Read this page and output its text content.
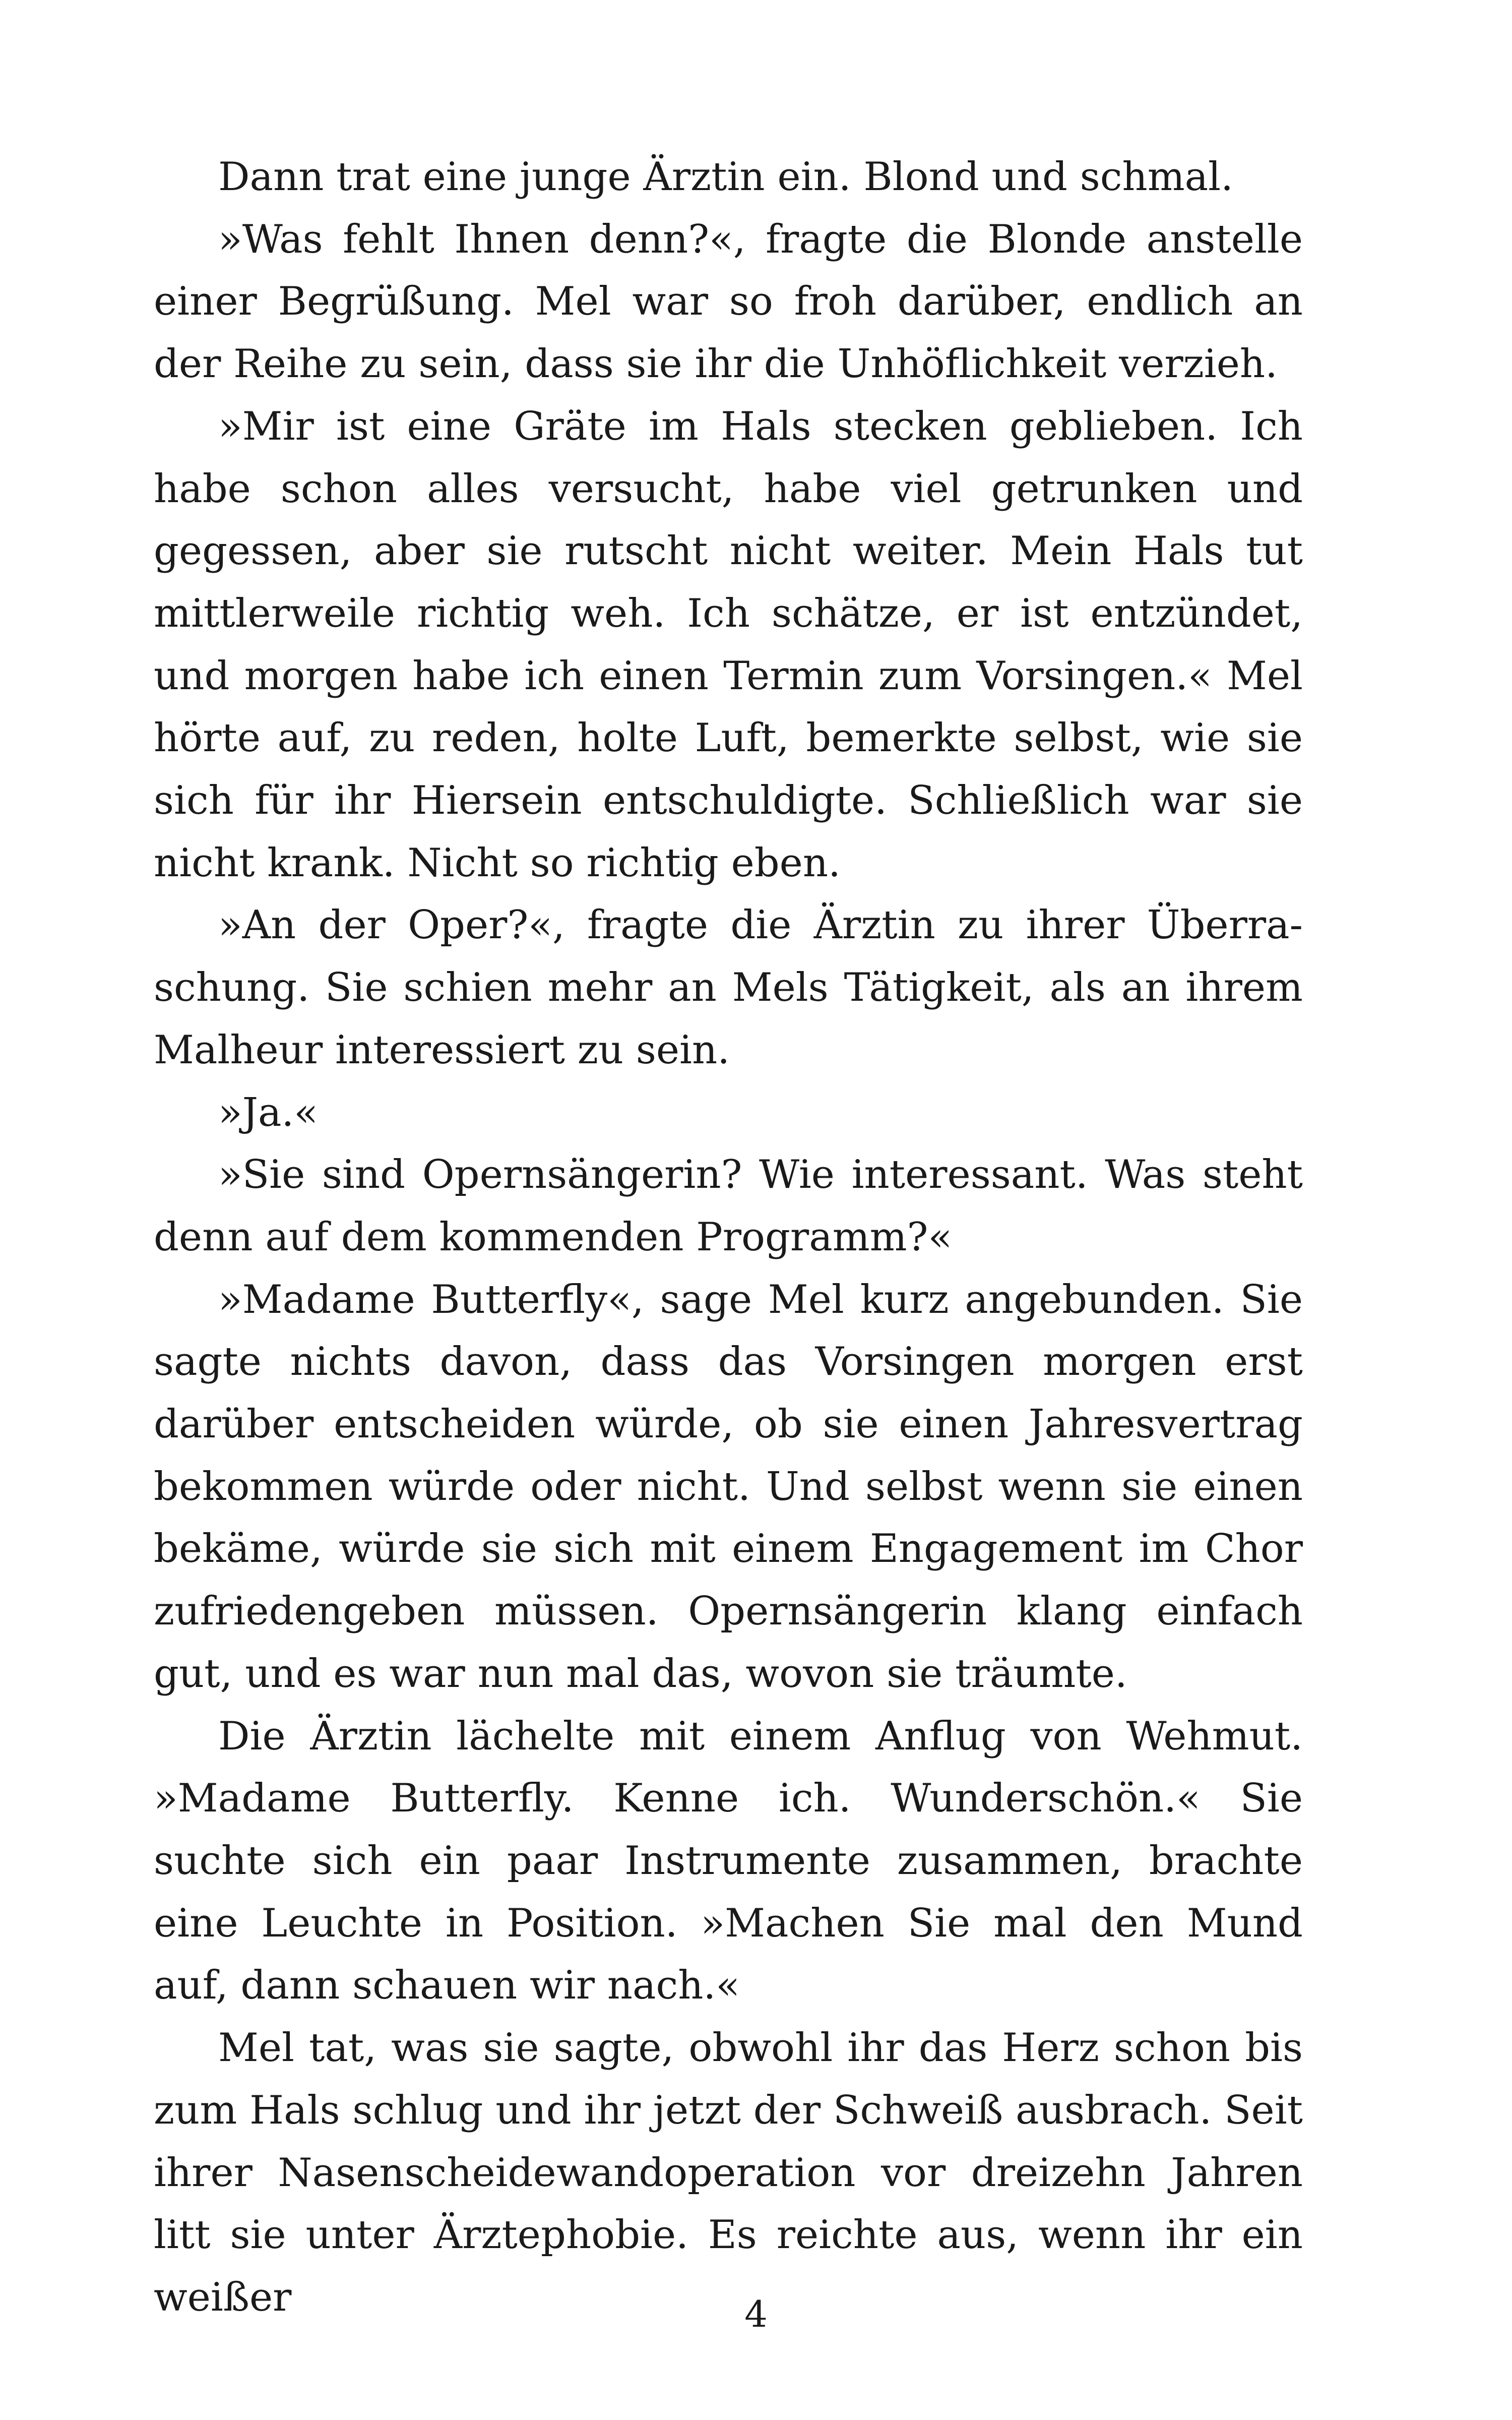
Dann trat eine junge Ärztin ein. Blond und schmal.

»Was fehlt Ihnen denn?«, fragte die Blonde anstelle einer Begrüßung. Mel war so froh darüber, endlich an der Reihe zu sein, dass sie ihr die Unhöflichkeit verzieh.

»Mir ist eine Gräte im Hals stecken geblieben. Ich habe schon alles versucht, habe viel getrunken und gegessen, aber sie rutscht nicht weiter. Mein Hals tut mittlerweile richtig weh. Ich schätze, er ist entzündet, und morgen habe ich einen Termin zum Vorsingen.« Mel hörte auf, zu reden, holte Luft, bemerkte selbst, wie sie sich für ihr Hiersein entschuldigte. Schließlich war sie nicht krank. Nicht so richtig eben.

»An der Oper?«, fragte die Ärztin zu ihrer Überraschung. Sie schien mehr an Mels Tätigkeit, als an ihrem Malheur interessiert zu sein.

»Ja.«

»Sie sind Opernsängerin? Wie interessant. Was steht denn auf dem kommenden Programm?«

»Madame Butterfly«, sage Mel kurz angebunden. Sie sagte nichts davon, dass das Vorsingen morgen erst darüber entscheiden würde, ob sie einen Jahresvertrag bekommen würde oder nicht. Und selbst wenn sie einen bekäme, würde sie sich mit einem Engagement im Chor zufriedengeben müssen. Opernsängerin klang einfach gut, und es war nun mal das, wovon sie träumte.

Die Ärztin lächelte mit einem Anflug von Wehmut. »Madame Butterfly. Kenne ich. Wunderschön.« Sie suchte sich ein paar Instrumente zusammen, brachte eine Leuchte in Position. »Machen Sie mal den Mund auf, dann schauen wir nach.«

Mel tat, was sie sagte, obwohl ihr das Herz schon bis zum Hals schlug und ihr jetzt der Schweiß ausbrach. Seit ihrer Nasenscheidewandoperation vor dreizehn Jahren litt sie unter Ärztephobie. Es reichte aus, wenn ihr ein weißer	4
